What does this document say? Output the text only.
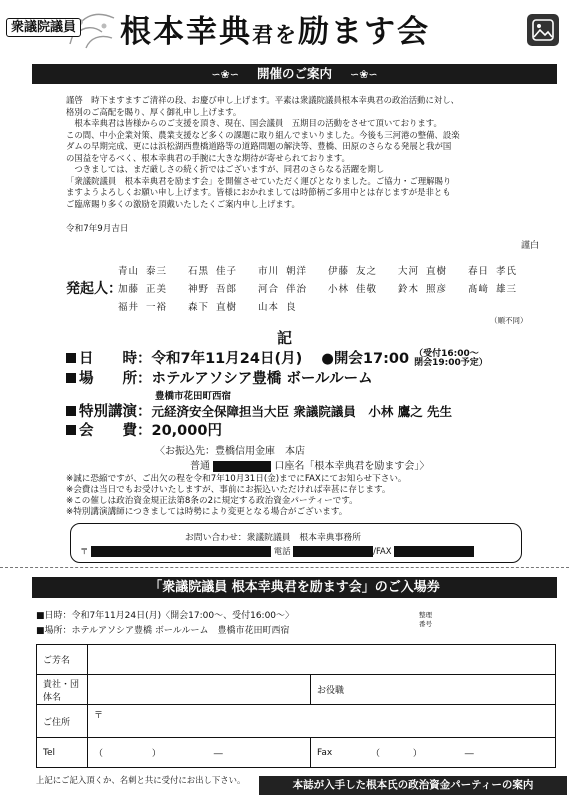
衆議院議員 根本幸典君を励ます会
∽❀∽ 開催のご案内 ∽❀∽
謹啓　時下ますますご清祥の段、お慶び申し上げます。平素は衆議院議員根本幸典君の政治活動に対し、
格別のご高配を賜り、厚く御礼申し上げます。
　根本幸典君は皆様からのご支援を頂き、現在、国会議員　五期目の活動をさせて頂いております。
この間、中小企業対策、農業支援など多くの課題に取り組んでまいりました。今後も三河港の整備、設楽
ダムの早期完成、更には浜松湖西豊橋道路等の道路問題の解決等、豊橋、田原のさらなる発展と我が国
の国益を守るべく、根本幸典君の手腕に大きな期待が寄せられております。
　つきましては、まだ厳しさの続く折ではございますが、同君のさらなる活躍を期し
「衆議院議員　根本幸典君を励ます会」を開催させていただく運びとなりました。ご協力・ご理解賜り
ますようよろしくお願い申し上げます。皆様におかれましては時節柄ご多用中とは存じますが是非とも
ご臨席賜り多くの激励を頂戴いたしたくご案内申し上げます。
令和7年9月吉日
謹白
発起人：
青山 泰三	石黒 佳子	市川 朝洋	伊藤 友之	大河 直樹	春日 孝氏
加藤 正美	神野 吾郎	河合 伴治	小林 佳敬	鈴木 照彦	髙﨑 雄三
福井 一裕	森下 直樹	山本 良
（順不同）
記
日　　時：令和7年11月24日(月) ●開会17:00 （受付16:00～
閉会19:00予定）
場　　所：ホテルアソシア豊橋 ボールルーム
豊橋市花田町西宿
特別講演：元経済安全保障担当大臣 衆議院議員　小林 鷹之 先生
会　　費：20,000円
〈お振込先：豊橋信用金庫　本店
普通	口座名「根本幸典君を励ます会」〉
※誠に恐縮ですが、ご出欠の程を令和7年10月31日(金)までにFAXにてお知らせ下さい。
※会費は当日でもお受けいたしますが、事前にお振込いただければ幸甚に存じます。
※この催しは政治資金規正法第8条の2に規定する政治資金パーティーです。
※特別講演講師につきましては時勢により変更となる場合がございます。
お問い合わせ：衆議院議員　根本幸典事務所
〒	電話	/FAX
「衆議院議員 根本幸典君を励ます会」のご入場券
■日時：令和7年11月24日(月)〈開会17:00～、受付16:00～〉
■場所：ホテルアソシア豊橋 ボールルーム　豊橋市花田町西宿
整理
番号
ご芳名			
貴社・団体名		お役職	
ご住所	〒		
Tel	（ ） ―	Fax	（ ） ―
上記にご記入頂くか、名刺と共に受付にお出し下さい。	本誌が入手した根本氏の政治資金パーティーの案内
